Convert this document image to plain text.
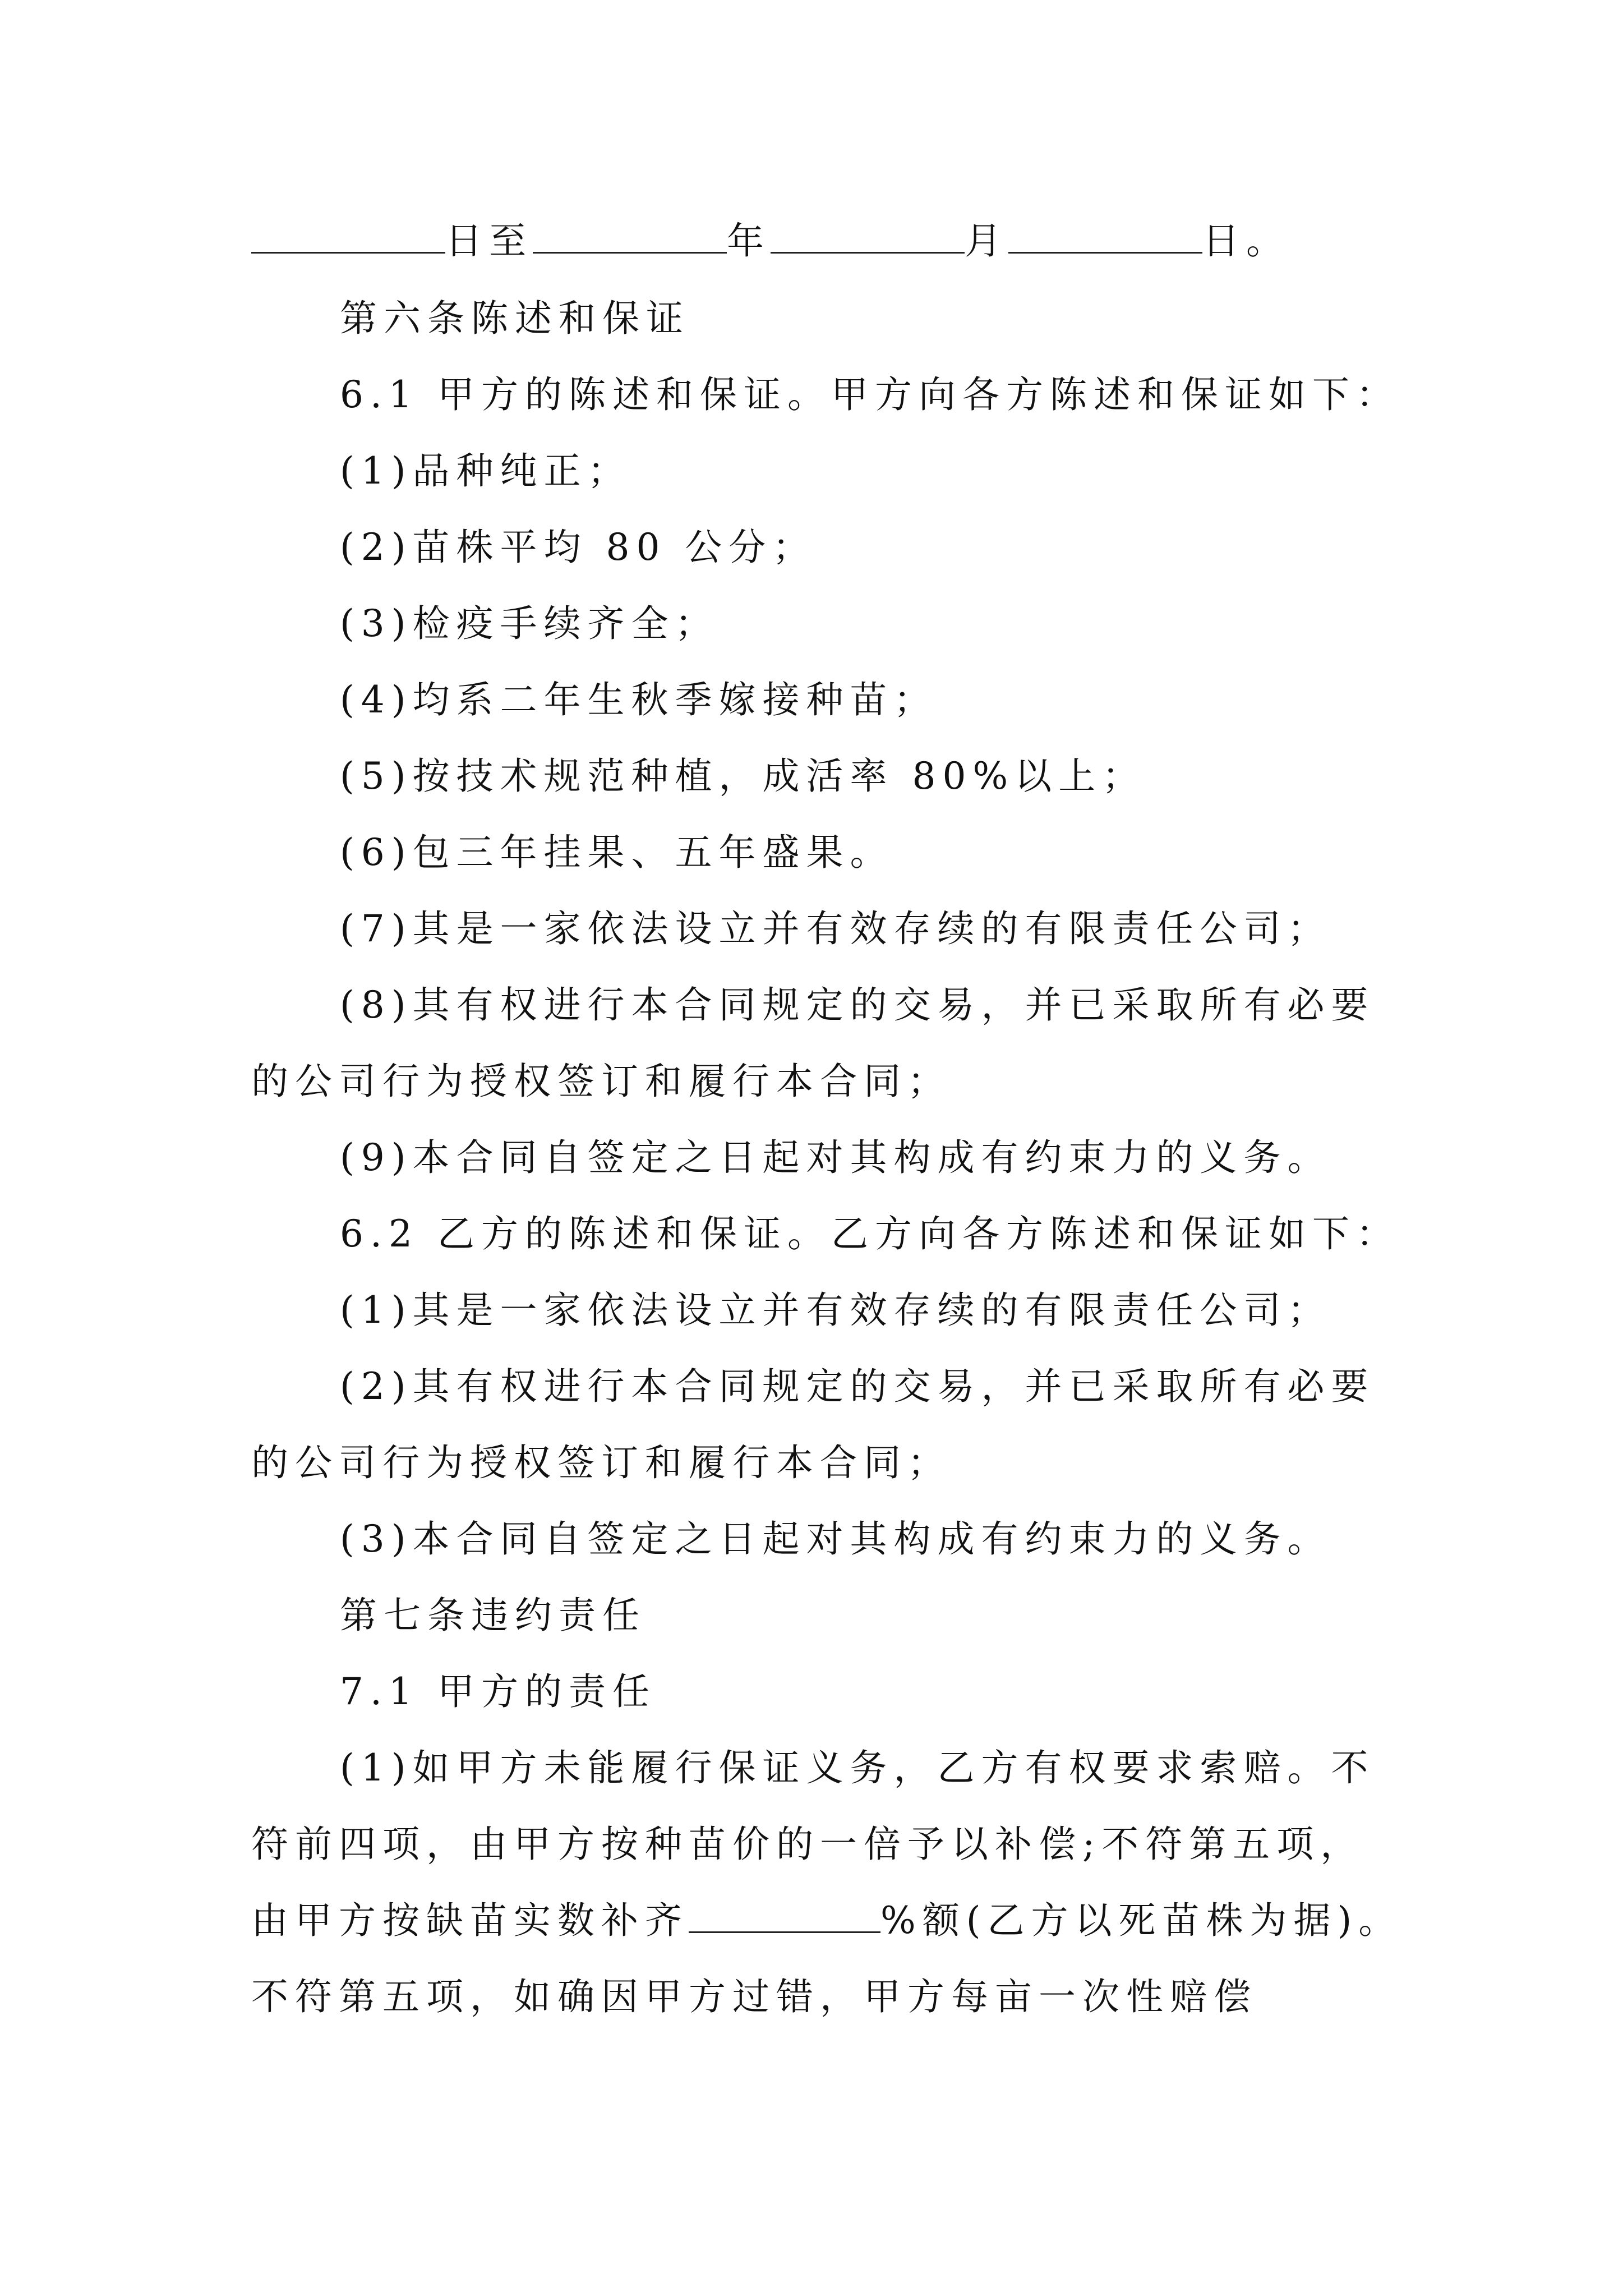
日至	年	月	日。
第六条陈述和保证
6.1 甲方的陈述和保证。甲方向各方陈述和保证如下：
(1)品种纯正；
(2)苗株平均 80 公分；
(3)检疫手续齐全；
(4)均系二年生秋季嫁接种苗；
(5)按技术规范种植，成活率 80%以上；
(6)包三年挂果、五年盛果。
(7)其是一家依法设立并有效存续的有限责任公司；
(8)其有权进行本合同规定的交易，并已采取所有必要
的公司行为授权签订和履行本合同；
(9)本合同自签定之日起对其构成有约束力的义务。
6.2 乙方的陈述和保证。乙方向各方陈述和保证如下：
(1)其是一家依法设立并有效存续的有限责任公司；
(2)其有权进行本合同规定的交易，并已采取所有必要
的公司行为授权签订和履行本合同；
(3)本合同自签定之日起对其构成有约束力的义务。
第七条违约责任
7.1 甲方的责任
(1)如甲方未能履行保证义务，乙方有权要求索赔。不
符前四项，由甲方按种苗价的一倍予以补偿;不符第五项，
由甲方按缺苗实数补齐	%额(乙方以死苗株为据)。
不符第五项，如确因甲方过错，甲方每亩一次性赔偿
